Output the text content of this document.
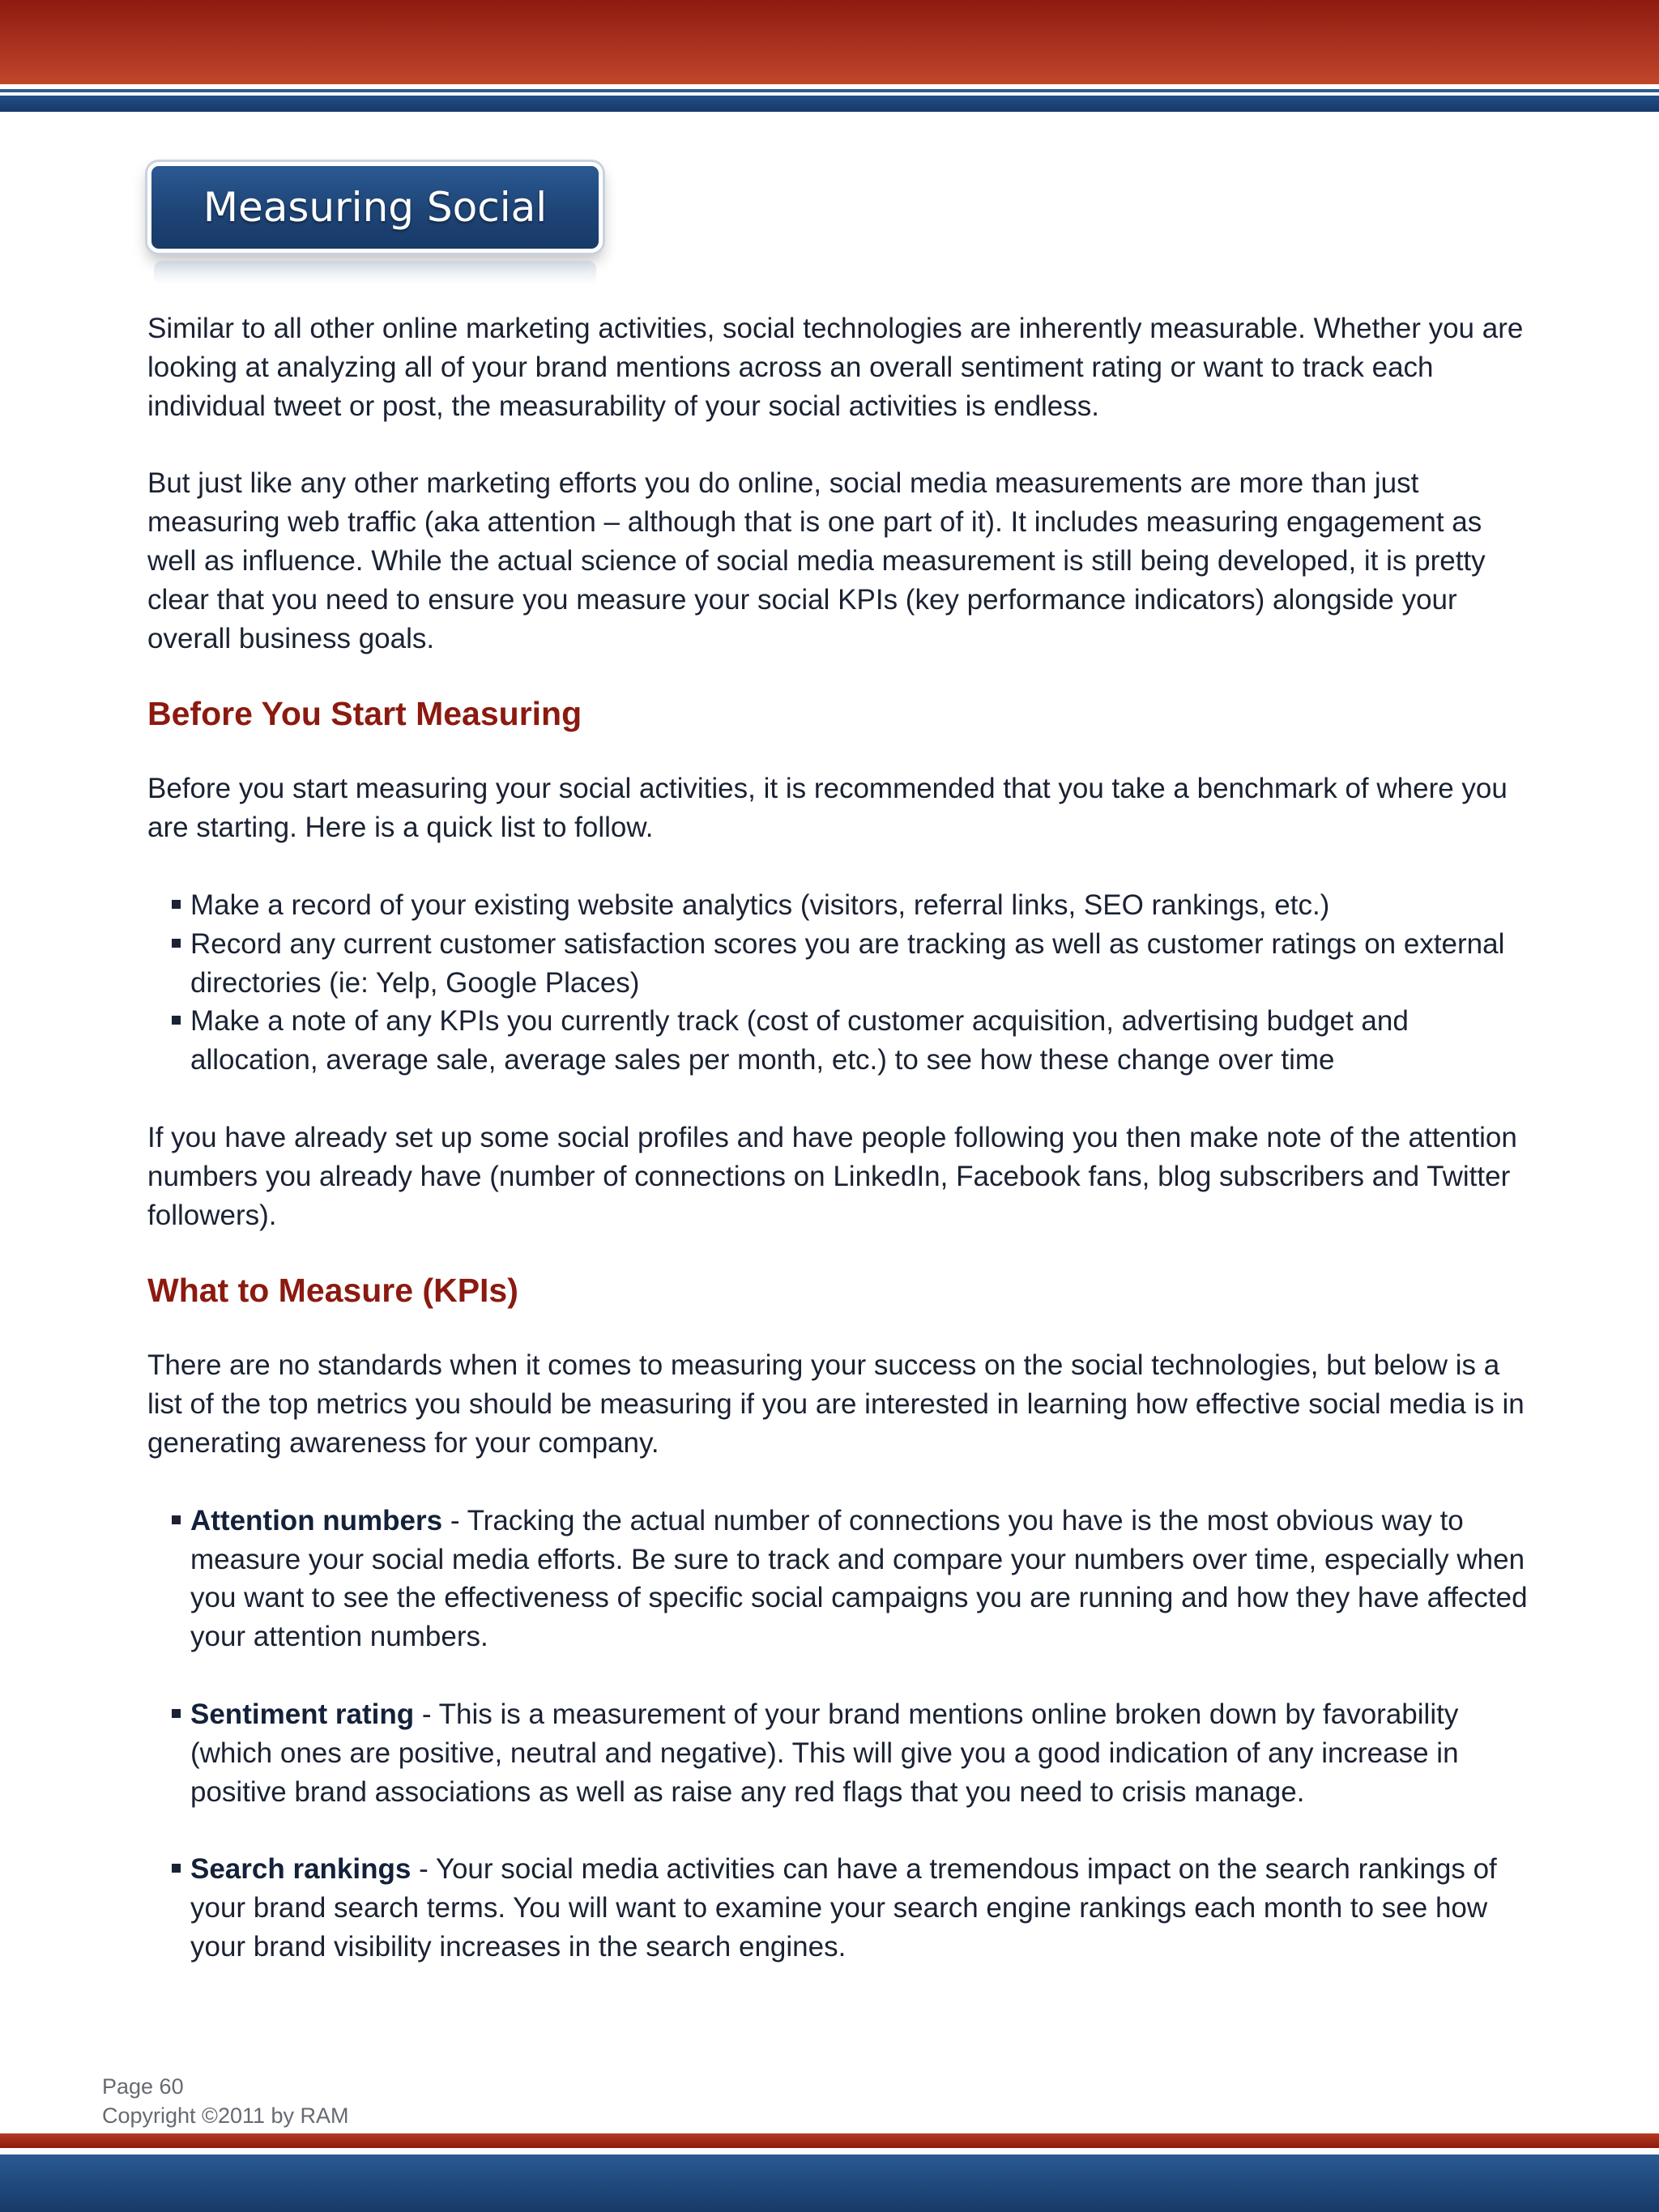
Measuring Social

Similar to all other online marketing activities, social technologies are inherently measurable. Whether you are looking at analyzing all of your brand mentions across an overall sentiment rating or want to track each individual tweet or post, the measurability of your social activities is endless.

But just like any other marketing efforts you do online, social media measurements are more than just measuring web traffic (aka attention – although that is one part of it). It includes measuring engagement as well as influence. While the actual science of social media measurement is still being developed, it is pretty clear that you need to ensure you measure your social KPIs (key performance indicators) alongside your overall business goals.

Before You Start Measuring

Before you start measuring your social activities, it is recommended that you take a benchmark of where you are starting. Here is a quick list to follow.

Make a record of your existing website analytics (visitors, referral links, SEO rankings, etc.)
Record any current customer satisfaction scores you are tracking as well as customer ratings on external directories (ie: Yelp, Google Places)
Make a note of any KPIs you currently track (cost of customer acquisition, advertising budget and allocation, average sale, average sales per month, etc.) to see how these change over time

If you have already set up some social profiles and have people following you then make note of the attention numbers you already have (number of connections on LinkedIn, Facebook fans, blog subscribers and Twitter followers).

What to Measure (KPIs)

There are no standards when it comes to measuring your success on the social technologies, but below is a list of the top metrics you should be measuring if you are interested in learning how effective social media is in generating awareness for your company.

Attention numbers - Tracking the actual number of connections you have is the most obvious way to measure your social media efforts. Be sure to track and compare your numbers over time, especially when you want to see the effectiveness of specific social campaigns you are running and how they have affected your attention numbers.
Sentiment rating - This is a measurement of your brand mentions online broken down by favorability (which ones are positive, neutral and negative). This will give you a good indication of any increase in positive brand associations as well as raise any red flags that you need to crisis manage.
Search rankings - Your social media activities can have a tremendous impact on the search rankings of your brand search terms. You will want to examine your search engine rankings each month to see how your brand visibility increases in the search engines.
Page 60
Copyright ©2011 by RAM
